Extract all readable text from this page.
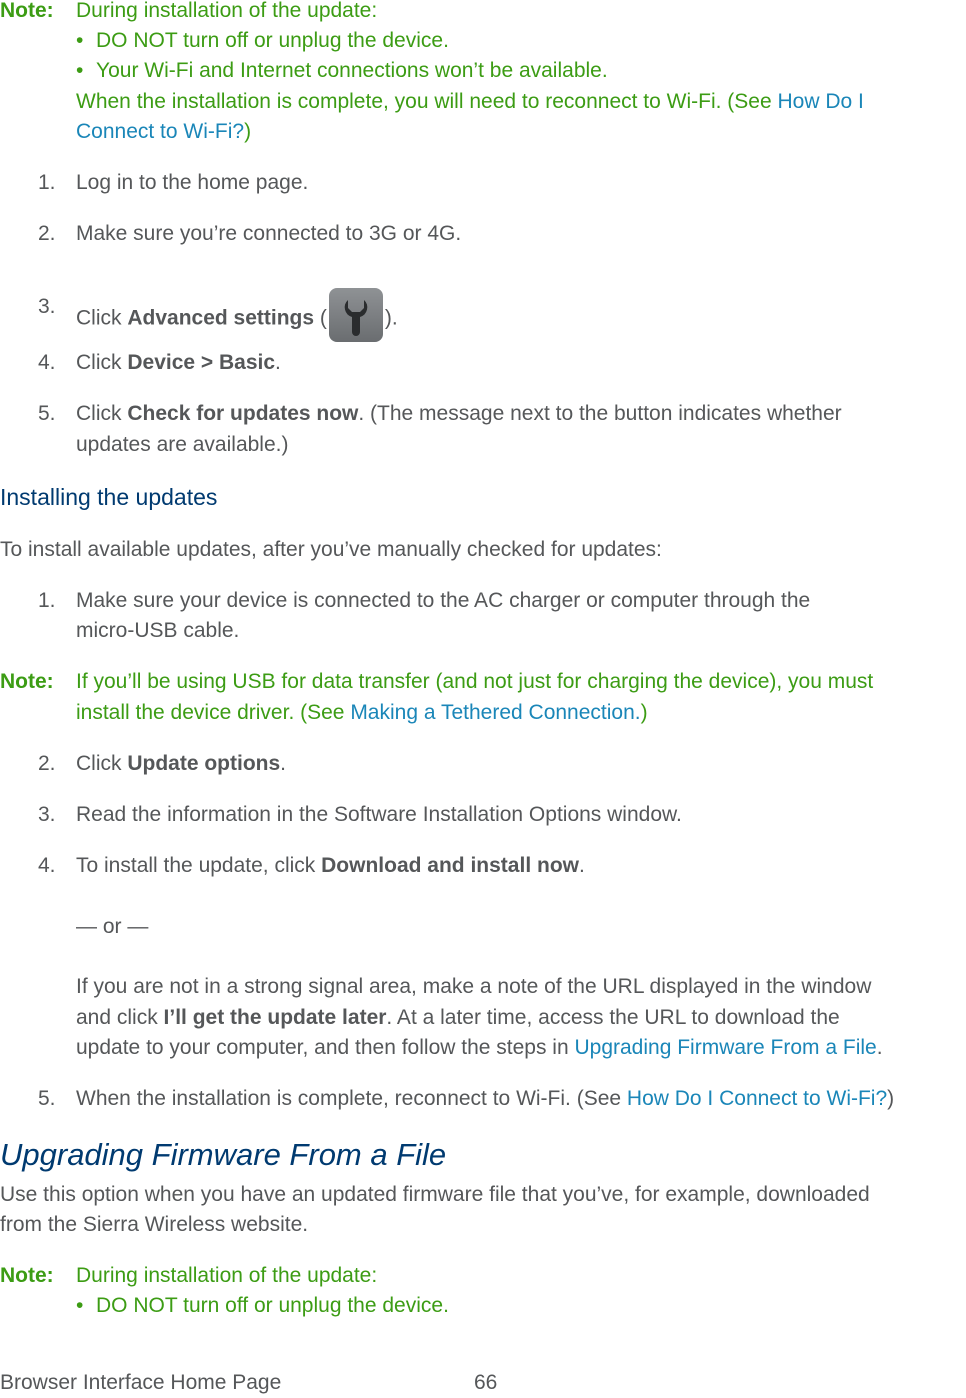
Note: During installation of the update:
• DO NOT turn off or unplug the device.
• Your Wi-Fi and Internet connections won’t be available.
When the installation is complete, you will need to reconnect to Wi-Fi. (See How Do I
Connect to Wi-Fi?)
1. Log in to the home page.
2. Make sure you’re connected to 3G or 4G.
3.
Click Advanced settings (	).
4. Click Device > Basic.
5. Click Check for updates now. (The message next to the button indicates whether
updates are available.)
Installing the updates
To install available updates, after you’ve manually checked for updates:
1. Make sure your device is connected to the AC charger or computer through the
micro-USB cable.
Note: If you’ll be using USB for data transfer (and not just for charging the device), you must
install the device driver. (See Making a Tethered Connection.)
2. Click Update options.
3. Read the information in the Software Installation Options window.
4. To install the update, click Download and install now.
— or —
If you are not in a strong signal area, make a note of the URL displayed in the window
and click I’ll get the update later. At a later time, access the URL to download the
update to your computer, and then follow the steps in Upgrading Firmware From a File.
5. When the installation is complete, reconnect to Wi-Fi. (See How Do I Connect to Wi-Fi?)
Upgrading Firmware From a File
Use this option when you have an updated firmware file that you’ve, for example, downloaded
from the Sierra Wireless website.
Note: During installation of the update:
• DO NOT turn off or unplug the device.
Browser Interface Home Page	66
